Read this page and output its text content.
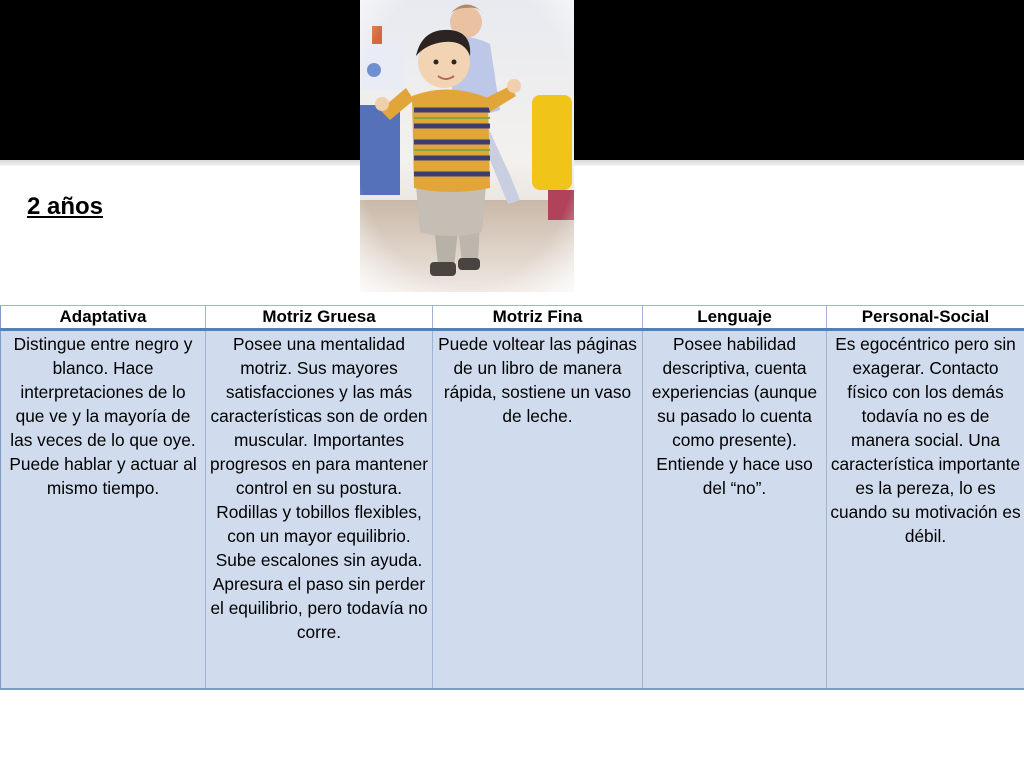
2 años
Adaptativa	Motriz Gruesa	Motriz Fina	Lenguaje	Personal-Social
Distingue entre negro y blanco. Hace interpretaciones de lo que ve y la mayoría de las veces de lo que oye. Puede hablar y actuar al mismo tiempo.	Posee una mentalidad motriz. Sus mayores satisfacciones y las más características son de orden muscular. Importantes progresos en para mantener control en su postura. Rodillas y tobillos flexibles, con un mayor equilibrio. Sube escalones sin ayuda. Apresura el paso sin perder el equilibrio, pero todavía no corre.	Puede voltear las páginas de un libro de manera rápida, sostiene un vaso de leche.	Posee habilidad descriptiva, cuenta experiencias (aunque su pasado lo cuenta como presente). Entiende y hace uso del “no”.	Es egocéntrico pero sin exagerar. Contacto físico con los demás todavía no es de manera social. Una característica importante es la pereza, lo es cuando su motivación es débil.
